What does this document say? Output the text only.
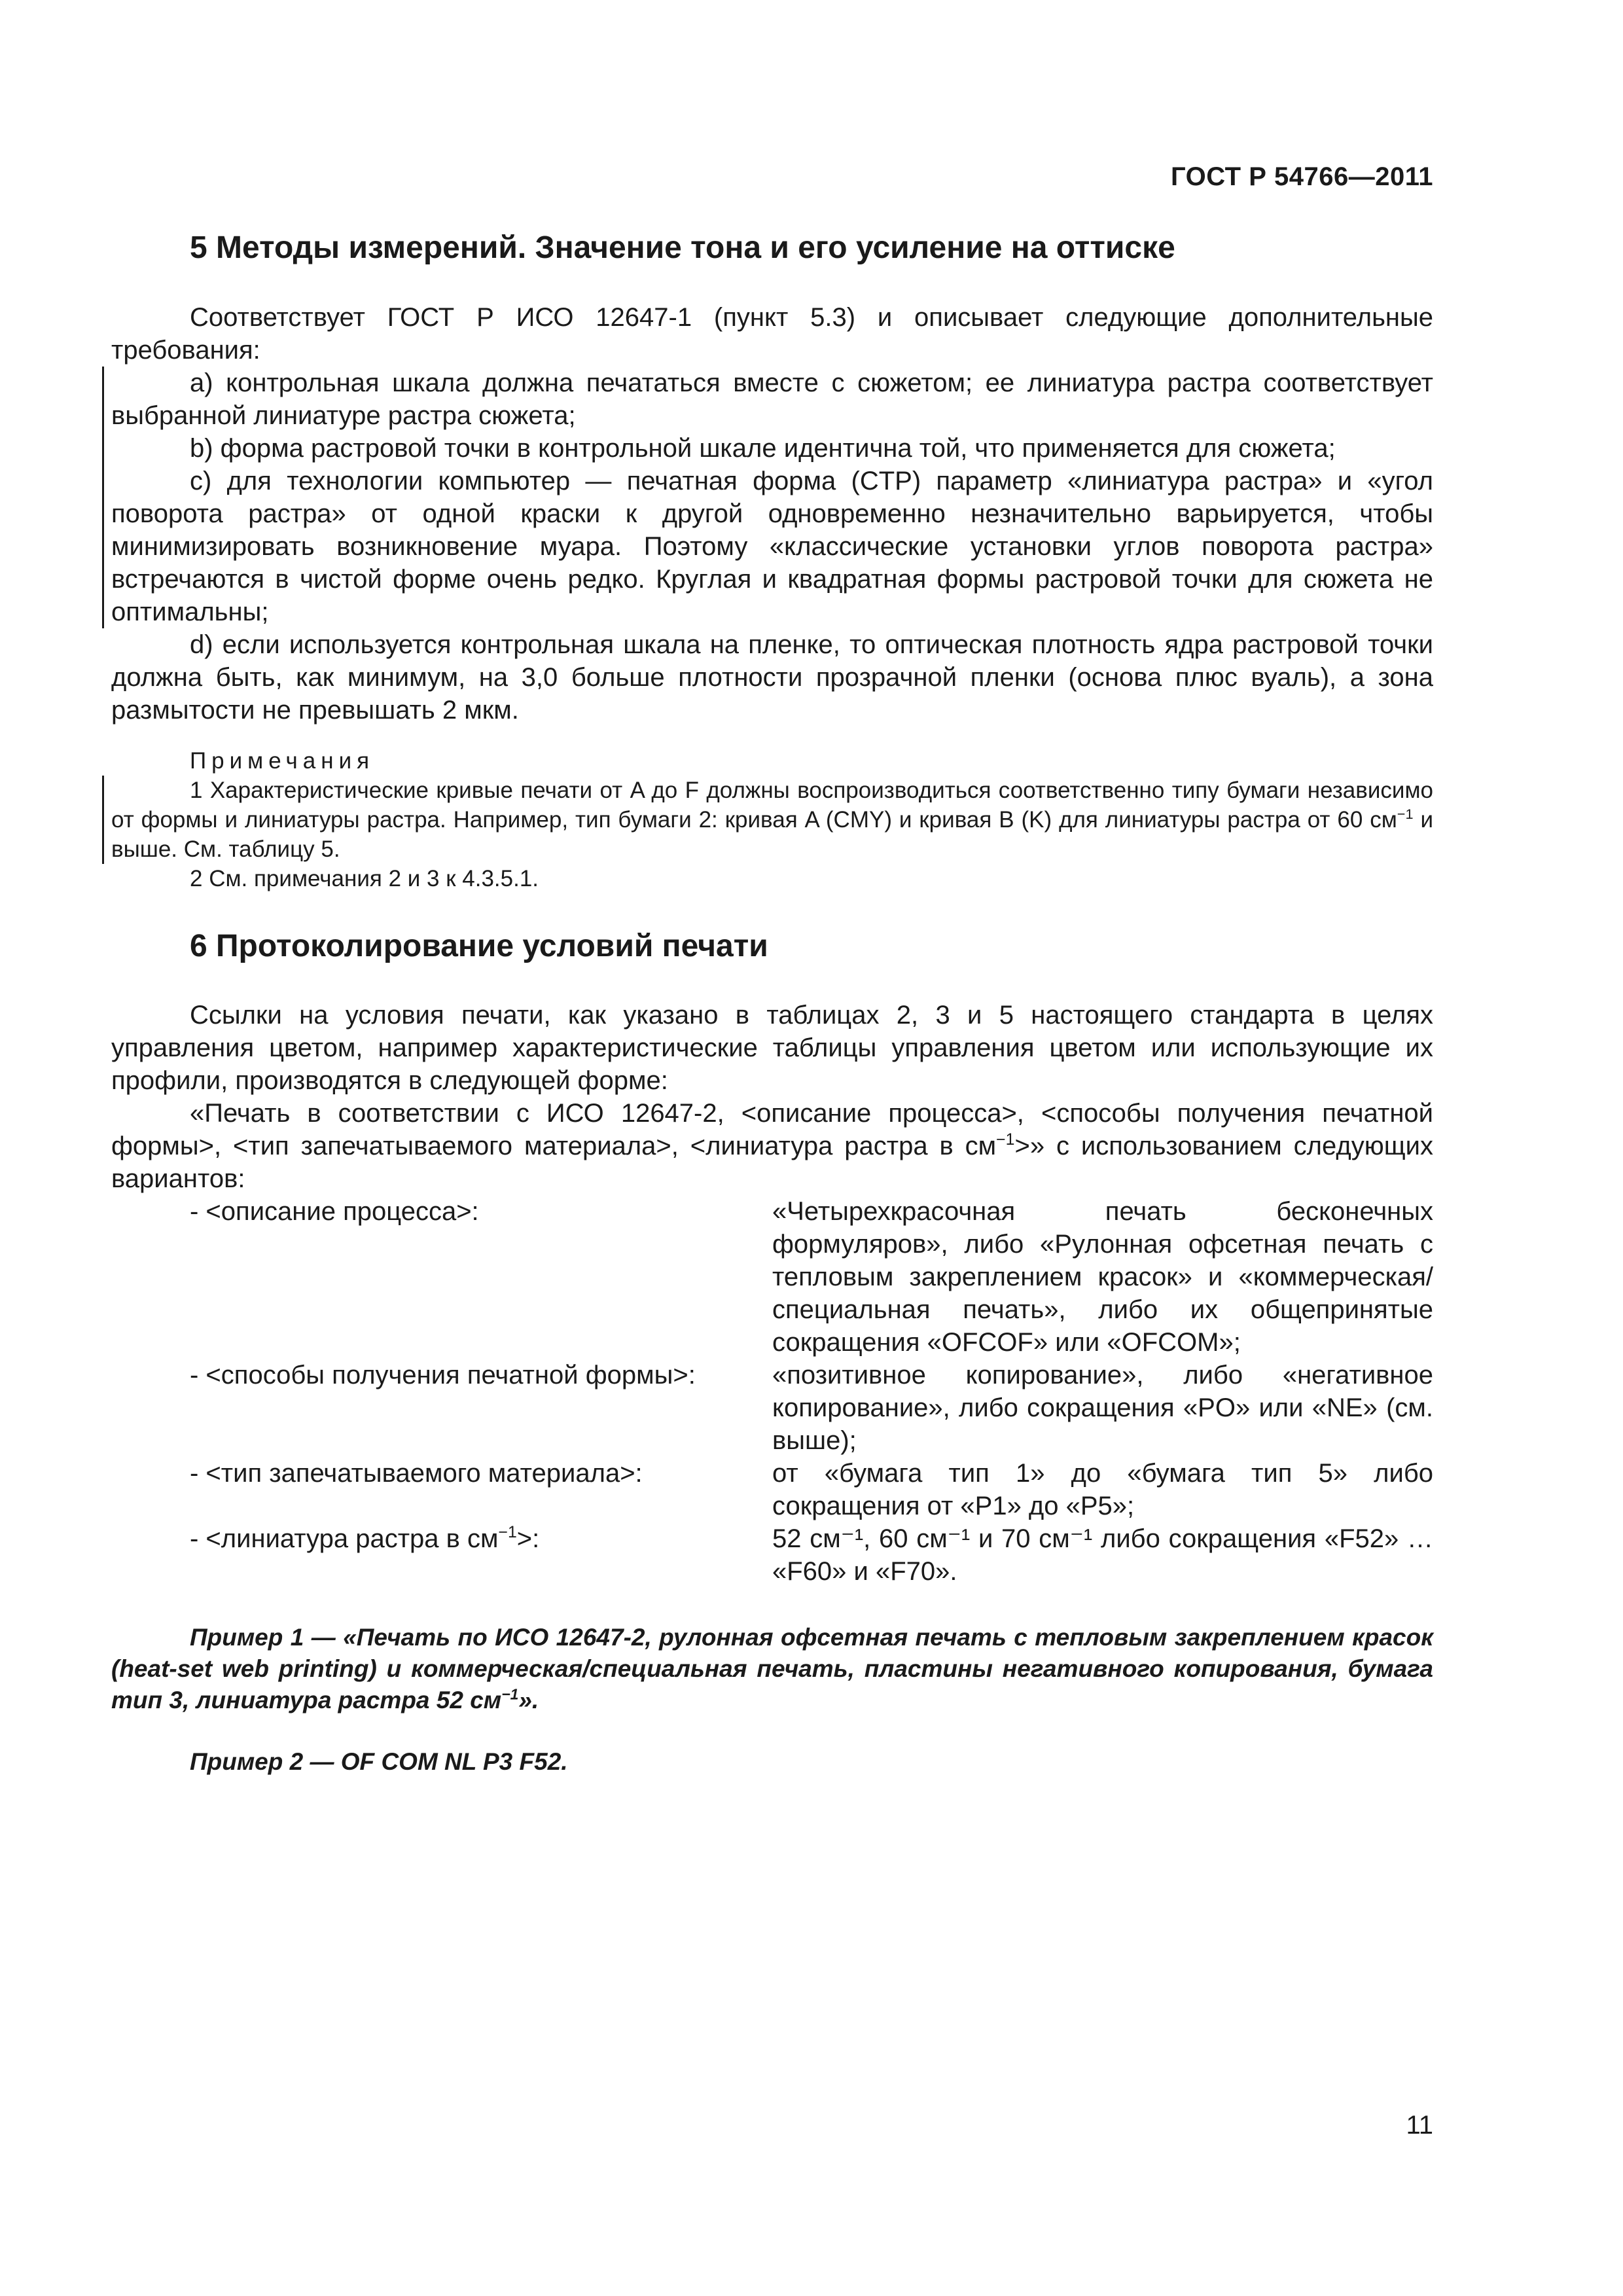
ГОСТ Р 54766—2011
5 Методы измерений. Значение тона и его усиление на оттиске

Соответствует ГОСТ Р ИСО 12647-1 (пункт 5.3) и описывает следующие дополнительные требования:

а) контрольная шкала должна печататься вместе с сюжетом; ее линиатура растра соответствует выбранной линиатуре растра сюжета;

b) форма растровой точки в контрольной шкале идентична той, что применяется для сюжета;

c) для технологии компьютер — печатная форма (CTP) параметр «линиатура растра» и «угол поворота растра» от одной краски к другой одновременно незначительно варьируется, чтобы минимизировать возникновение муара. Поэтому «классические установки углов поворота растра» встречаются в чистой форме очень редко. Круглая и квадратная формы растровой точки для сюжета не оптимальны;

d) если используется контрольная шкала на пленке, то оптическая плотность ядра растровой точки должна быть, как минимум, на 3,0 больше плотности прозрачной пленки (основа плюс вуаль), а зона размытости не превышать 2 мкм.

Примечания

1 Характеристические кривые печати от A до F должны воспроизводиться соответственно типу бумаги независимо от формы и линиатуры растра. Например, тип бумаги 2: кривая A (CMY) и кривая B (K) для линиатуры растра от 60 $см^{-1}$ и выше. См. таблицу 5.

2 См. примечания 2 и 3 к 4.3.5.1.

6 Протоколирование условий печати

Ссылки на условия печати, как указано в таблицах 2, 3 и 5 настоящего стандарта в целях управления цветом, например характеристические таблицы управления цветом или использующие их профили, производятся в следующей форме:

«Печать в соответствии с ИСО 12647-2, <описание процесса>, <способы получения печатной формы>, <тип запечатываемого материала>, <линиатура растра в $см^{-1}>$» с использованием следующих вариантов:

- <описание процесса>:	«Четырехкрасочная печать бесконечных формуляров», либо «Рулонная офсетная печать с тепловым закреплением красок» и «коммерческая/специальная печать», либо их общепринятые сокращения «OFCOF» или «OFCOM»;
- <способы получения печатной формы>:	«позитивное копирование», либо «негативное копирование», либо сокращения «PO» или «NE» (см. выше);
- <тип запечатываемого материала>:	от «бумага тип 1» до «бумага тип 5» либо сокращения от «P1» до «P5»;
- <линиатура растра в $см^{-1}>$:	52 см⁻¹, 60 см⁻¹ и 70 см⁻¹ либо сокращения «F52» … «F60» и «F70».

Пример 1 — «Печать по ИСО 12647-2, рулонная офсетная печать с тепловым закреплением красок (heat-set web printing) и коммерческая/специальная печать, пластины негативного копирования, бумага тип 3, линиатура растра 52 $см^{-1}$».

Пример 2 — OF COM NL P3 F52.

11
